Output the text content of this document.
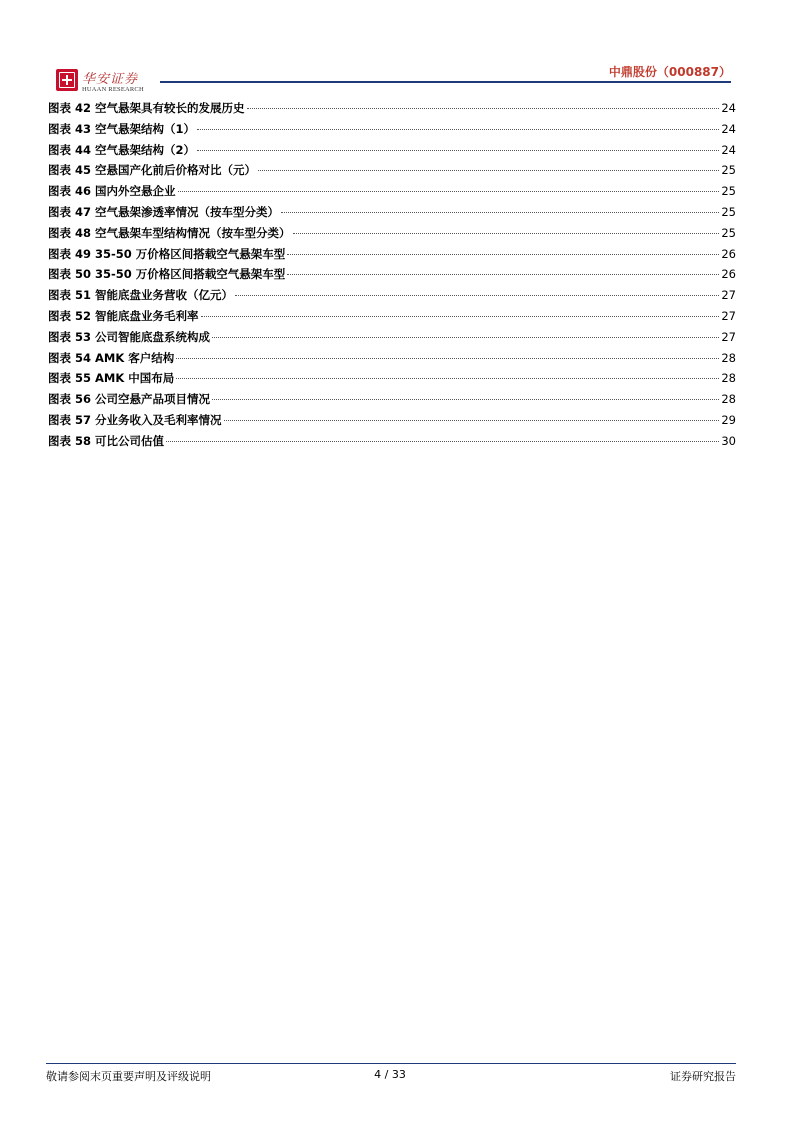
华安证券
HUAAN RESEARCH
中鼎股份（000887）
图表 42 空气悬架具有较长的发展历史	24
图表 43 空气悬架结构（1）	24
图表 44 空气悬架结构（2）	24
图表 45 空悬国产化前后价格对比（元）	25
图表 46 国内外空悬企业	25
图表 47 空气悬架渗透率情况（按车型分类）	25
图表 48 空气悬架车型结构情况（按车型分类）	25
图表 49 35-50 万价格区间搭载空气悬架车型	26
图表 50 35-50 万价格区间搭载空气悬架车型	26
图表 51 智能底盘业务营收（亿元）	27
图表 52 智能底盘业务毛利率	27
图表 53 公司智能底盘系统构成	27
图表 54 AMK 客户结构	28
图表 55 AMK 中国布局	28
图表 56 公司空悬产品项目情况	28
图表 57 分业务收入及毛利率情况	29
图表 58 可比公司估值	30
敬请参阅末页重要声明及评级说明	4 / 33	证券研究报告
